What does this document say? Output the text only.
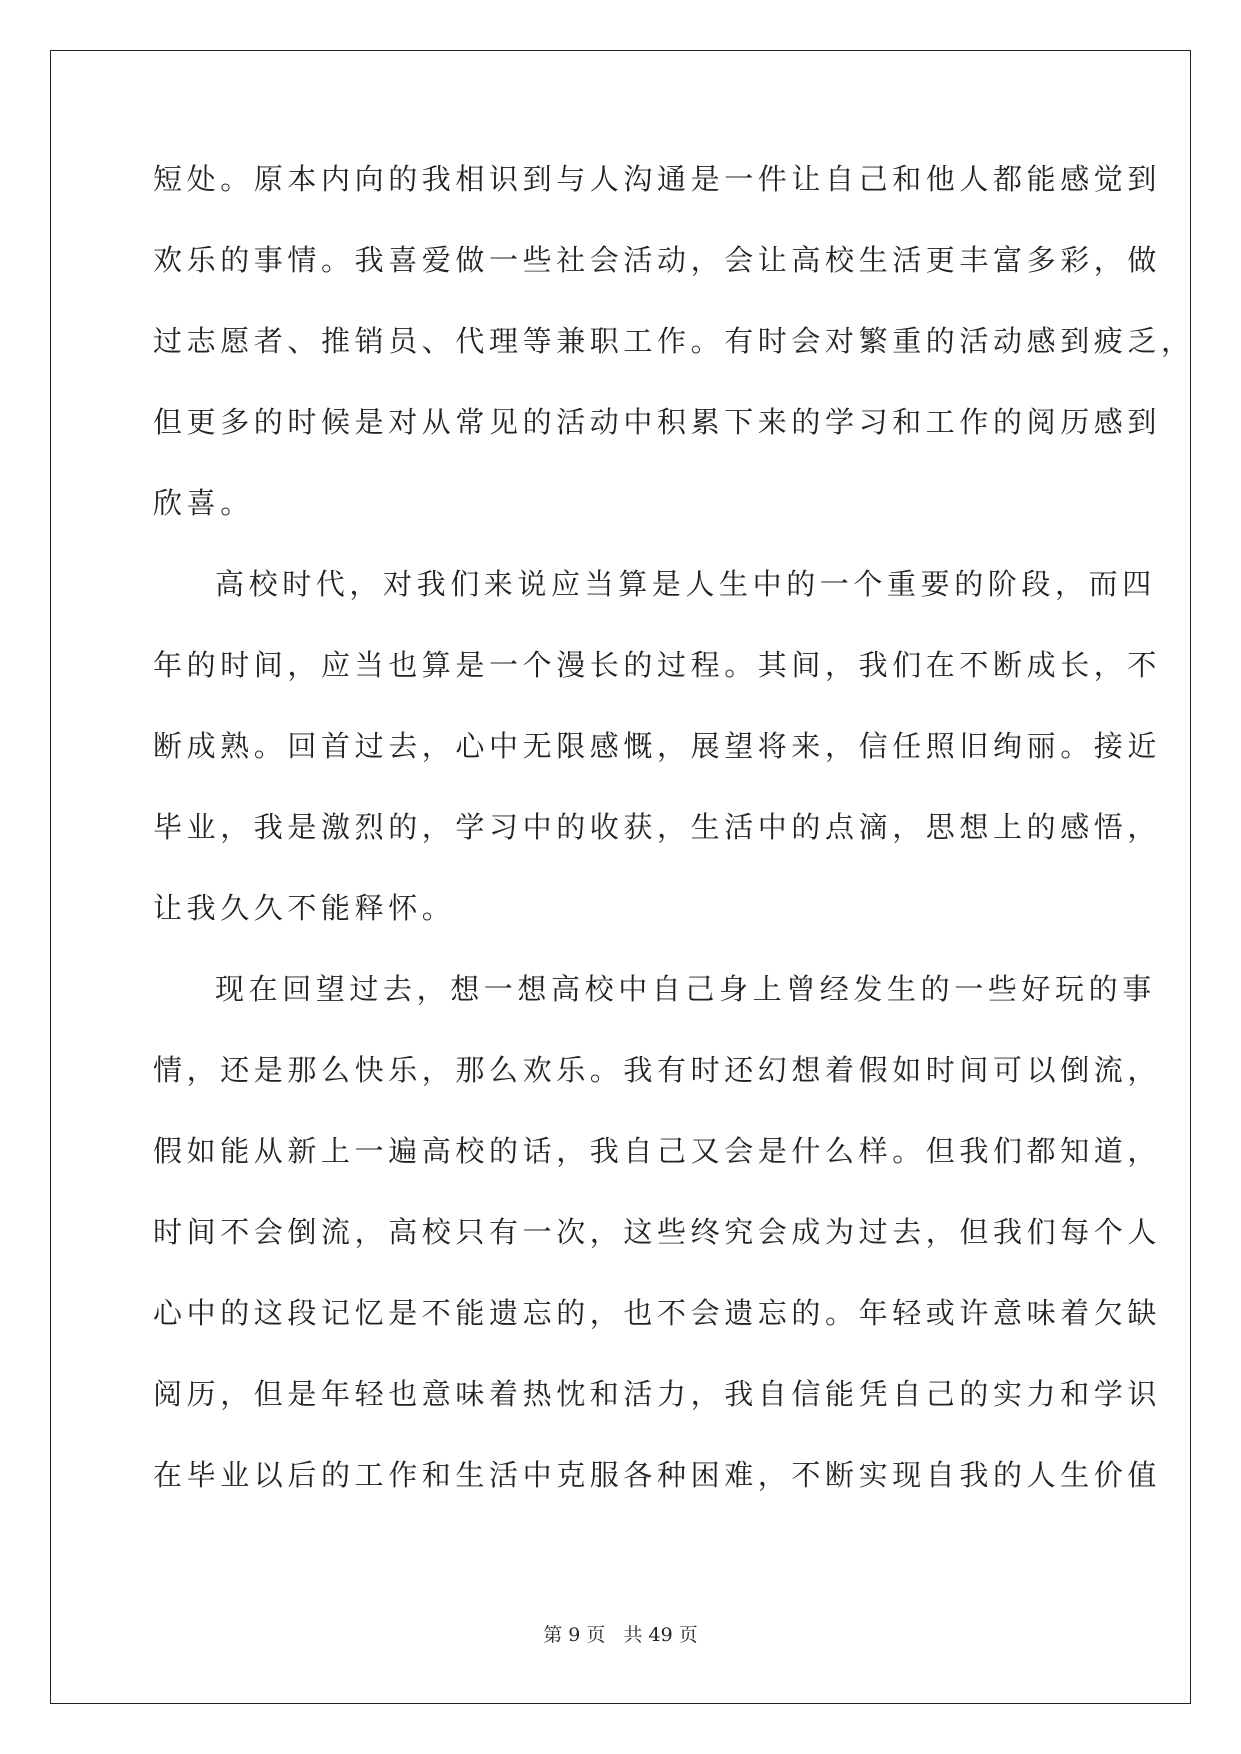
短处。原本内向的我相识到与人沟通是一件让自己和他人都能感觉到
欢乐的事情。我喜爱做一些社会活动，会让高校生活更丰富多彩，做
过志愿者、推销员、代理等兼职工作。有时会对繁重的活动感到疲乏，
但更多的时候是对从常见的活动中积累下来的学习和工作的阅历感到
欣喜。
高校时代，对我们来说应当算是人生中的一个重要的阶段，而四
年的时间，应当也算是一个漫长的过程。其间，我们在不断成长，不
断成熟。回首过去，心中无限感慨，展望将来，信任照旧绚丽。接近
毕业，我是激烈的，学习中的收获，生活中的点滴，思想上的感悟，
让我久久不能释怀。
现在回望过去，想一想高校中自己身上曾经发生的一些好玩的事
情，还是那么快乐，那么欢乐。我有时还幻想着假如时间可以倒流，
假如能从新上一遍高校的话，我自己又会是什么样。但我们都知道，
时间不会倒流，高校只有一次，这些终究会成为过去，但我们每个人
心中的这段记忆是不能遗忘的，也不会遗忘的。年轻或许意味着欠缺
阅历，但是年轻也意味着热忱和活力，我自信能凭自己的实力和学识
在毕业以后的工作和生活中克服各种困难，不断实现自我的人生价值
第 9 页 共 49 页
